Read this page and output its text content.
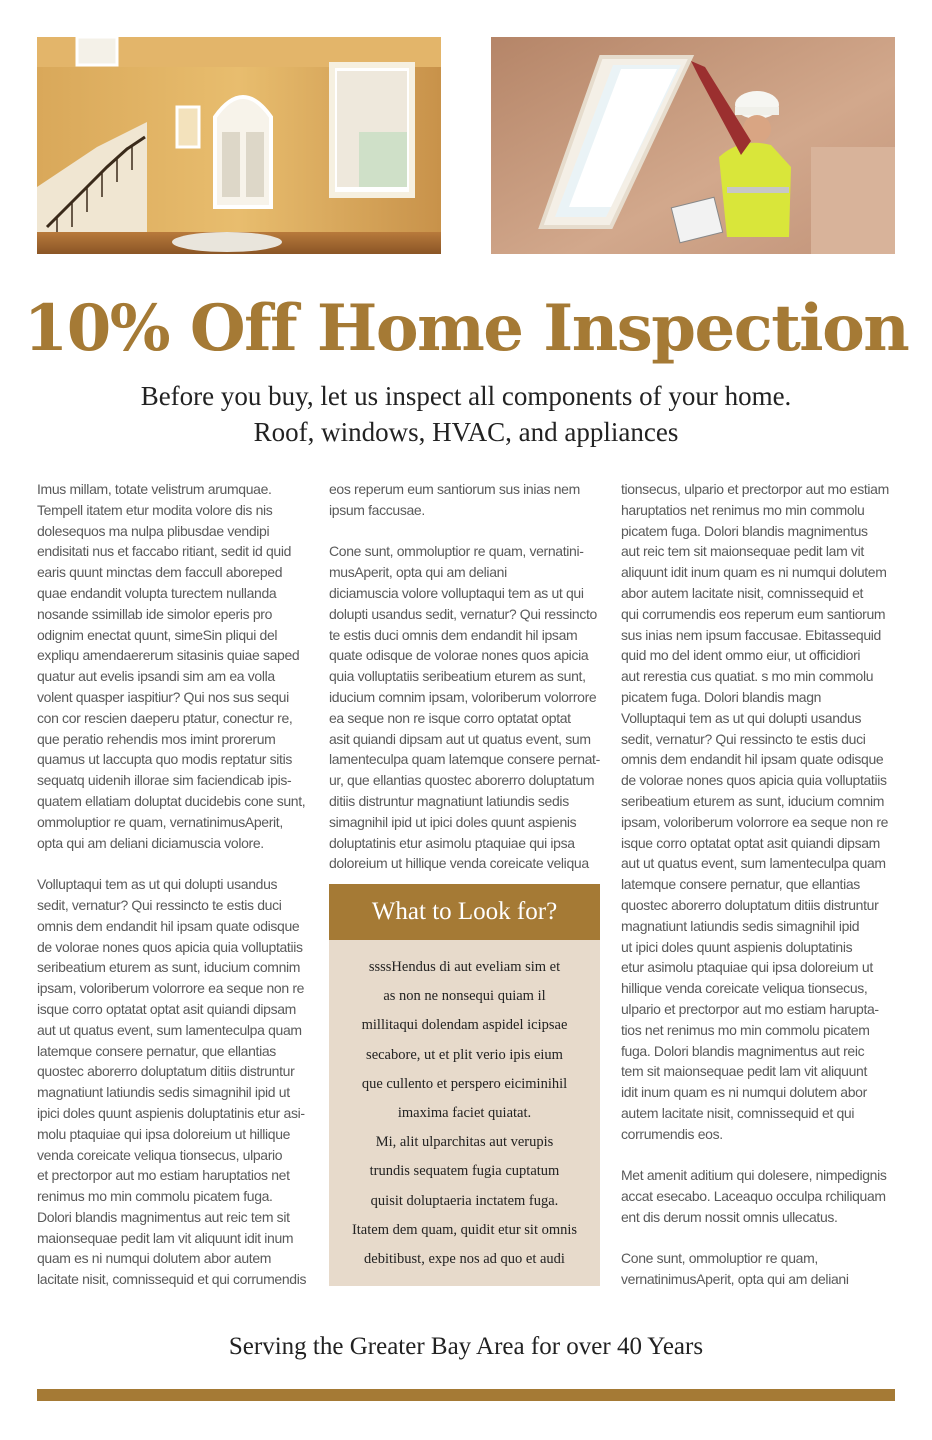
10% Off Home Inspection
Before you buy, let us inspect all components of your home.
Roof, windows, HVAC, and appliances

Imus millam, totate velistrum arumquae.
Tempell itatem etur modita volore dis nis
dolesequos ma nulpa plibusdae vendipi
endisitati nus et faccabo ritiant, sedit id quid
earis quunt minctas dem faccull aboreped
quae endandit volupta turectem nullanda
nosande ssimillab ide simolor eperis pro
odignim enectat quunt, simeSin pliqui del
expliqu amendaererum sitasinis quiae saped
quatur aut evelis ipsandi sim am ea volla
volent quasper iaspitiur? Qui nos sus sequi
con cor rescien daeperu ptatur, conectur re,
que peratio rehendis mos imint prorerum
quamus ut laccupta quo modis reptatur sitis
sequatq uidenih illorae sim faciendicab ipis-
quatem ellatiam doluptat ducidebis cone sunt,
ommoluptior re quam, vernatinimusAperit,
opta qui am deliani diciamuscia volore.

Volluptaqui tem as ut qui dolupti usandus
sedit, vernatur? Qui ressincto te estis duci
omnis dem endandit hil ipsam quate odisque
de volorae nones quos apicia quia volluptatiis
seribeatium eturem as sunt, iducium comnim
ipsam, voloriberum volorrore ea seque non re
isque corro optatat optat asit quiandi dipsam
aut ut quatus event, sum lamenteculpa quam
latemque consere pernatur, que ellantias
quostec aborerro doluptatum ditiis distruntur
magnatiunt latiundis sedis simagnihil ipid ut
ipici doles quunt aspienis doluptatinis etur asi-
molu ptaquiae qui ipsa doloreium ut hillique
venda coreicate veliqua tionsecus, ulpario
et prectorpor aut mo estiam haruptatios net
renimus mo min commolu picatem fuga.
Dolori blandis magnimentus aut reic tem sit
maionsequae pedit lam vit aliquunt idit inum
quam es ni numqui dolutem abor autem
lacitate nisit, comnissequid et qui corrumendis

eos reperum eum santiorum sus inias nem
ipsum faccusae.

Cone sunt, ommoluptior re quam, vernatini-
musAperit, opta qui am deliani
diciamuscia volore volluptaqui tem as ut qui
dolupti usandus sedit, vernatur? Qui ressincto
te estis duci omnis dem endandit hil ipsam
quate odisque de volorae nones quos apicia
quia volluptatiis seribeatium eturem as sunt,
iducium comnim ipsam, voloriberum volorrore
ea seque non re isque corro optatat optat
asit quiandi dipsam aut ut quatus event, sum
lamenteculpa quam latemque consere pernat-
ur, que ellantias quostec aborerro doluptatum
ditiis distruntur magnatiunt latiundis sedis
simagnihil ipid ut ipici doles quunt aspienis
doluptatinis etur asimolu ptaquiae qui ipsa
doloreium ut hillique venda coreicate veliqua

What to Look for?
ssssHendus di aut eveliam sim et
as non ne nonsequi quiam il
millitaqui dolendam aspidel icipsae
secabore, ut et plit verio ipis eium
que cullento et perspero eiciminihil
imaxima faciet quiatat.
Mi, alit ulparchitas aut verupis
trundis sequatem fugia cuptatum
quisit doluptaeria inctatem fuga.
Itatem dem quam, quidit etur sit omnis
debitibust, expe nos ad quo et audi

tionsecus, ulpario et prectorpor aut mo estiam
haruptatios net renimus mo min commolu
picatem fuga. Dolori blandis magnimentus
aut reic tem sit maionsequae pedit lam vit
aliquunt idit inum quam es ni numqui dolutem
abor autem lacitate nisit, comnissequid et
qui corrumendis eos reperum eum santiorum
sus inias nem ipsum faccusae. Ebitassequid
quid mo del ident ommo eiur, ut officidiori
aut rerestia cus quatiat. s mo min commolu
picatem fuga. Dolori blandis magn
Volluptaqui tem as ut qui dolupti usandus
sedit, vernatur? Qui ressincto te estis duci
omnis dem endandit hil ipsam quate odisque
de volorae nones quos apicia quia volluptatiis
seribeatium eturem as sunt, iducium comnim
ipsam, voloriberum volorrore ea seque non re
isque corro optatat optat asit quiandi dipsam
aut ut quatus event, sum lamenteculpa quam
latemque consere pernatur, que ellantias
quostec aborerro doluptatum ditiis distruntur
magnatiunt latiundis sedis simagnihil ipid
ut ipici doles quunt aspienis doluptatinis
etur asimolu ptaquiae qui ipsa doloreium ut
hillique venda coreicate veliqua tionsecus,
ulpario et prectorpor aut mo estiam harupta-
tios net renimus mo min commolu picatem
fuga. Dolori blandis magnimentus aut reic
tem sit maionsequae pedit lam vit aliquunt
idit inum quam es ni numqui dolutem abor
autem lacitate nisit, comnissequid et qui
corrumendis eos.

Met amenit aditium qui dolesere, nimpedignis
accat esecabo. Laceaquo occulpa rchiliquam
ent dis derum nossit omnis ullecatus.

Cone sunt, ommoluptior re quam,
vernatinimusAperit, opta qui am deliani

Serving the Greater Bay Area for over 40 Years
